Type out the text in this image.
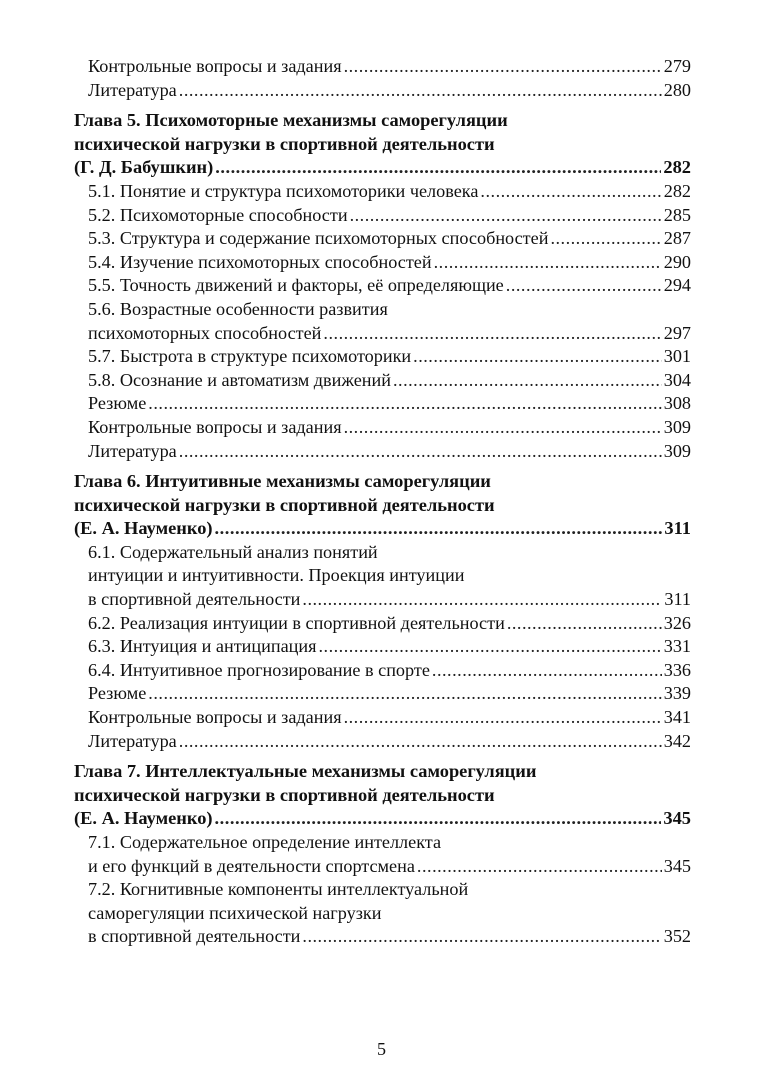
Контрольные вопросы и задания .....	279
Литература .....	280
Глава 5. Психомоторные механизмы саморегуляции
психической нагрузки в спортивной деятельности
(Г. Д. Бабушкин) .....	282
5.1. Понятие и структура психомоторики человека .....	282
5.2. Психомоторные способности .....	285
5.3. Структура и содержание психомоторных способностей .....	287
5.4. Изучение психомоторных способностей .....	290
5.5. Точность движений и факторы, её определяющие .....	294
5.6. Возрастные особенности развития
психомоторных способностей .....	297
5.7. Быстрота в структуре психомоторики .....	301
5.8. Осознание и автоматизм движений .....	304
Резюме .....	308
Контрольные вопросы и задания .....	309
Литература .....	309
Глава 6. Интуитивные механизмы саморегуляции
психической нагрузки в спортивной деятельности
(Е. А. Науменко) .....	311
6.1. Содержательный анализ понятий
интуиции и интуитивности. Проекция интуиции
в спортивной деятельности .....	311
6.2. Реализация интуиции в спортивной деятельности .....	326
6.3. Интуиция и антиципация .....	331
6.4. Интуитивное прогнозирование в спорте .....	336
Резюме .....	339
Контрольные вопросы и задания .....	341
Литература .....	342
Глава 7. Интеллектуальные механизмы саморегуляции
психической нагрузки в спортивной деятельности
(Е. А. Науменко) .....	345
7.1. Содержательное определение интеллекта
и его функций в деятельности спортсмена .....	345
7.2. Когнитивные компоненты интеллектуальной
саморегуляции психической нагрузки
в спортивной деятельности .....	352
5
